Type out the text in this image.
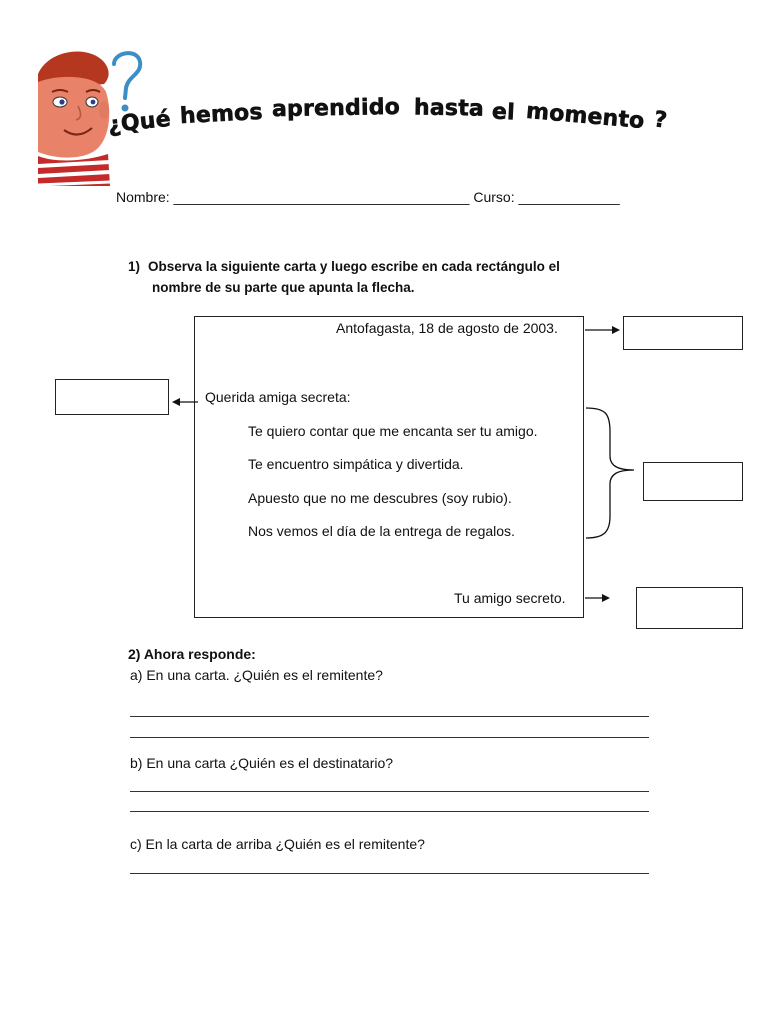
¿Qué hemos aprendido hasta el momento ?
Nombre: ______________________________________ Curso: _____________
1) Observa la siguiente carta y luego escribe en cada rectángulo el
nombre de su parte que apunta la flecha.
Antofagasta, 18 de agosto de 2003.
Querida amiga secreta:
Te quiero contar que me encanta ser tu amigo.
Te encuentro simpática y divertida.
Apuesto que no me descubres (soy rubio).
Nos vemos el día de la entrega de regalos.
Tu amigo secreto.
2) Ahora responde:
a) En una carta. ¿Quién es el remitente?
b) En una carta ¿Quién es el destinatario?
c) En la carta de arriba ¿Quién es el remitente?
